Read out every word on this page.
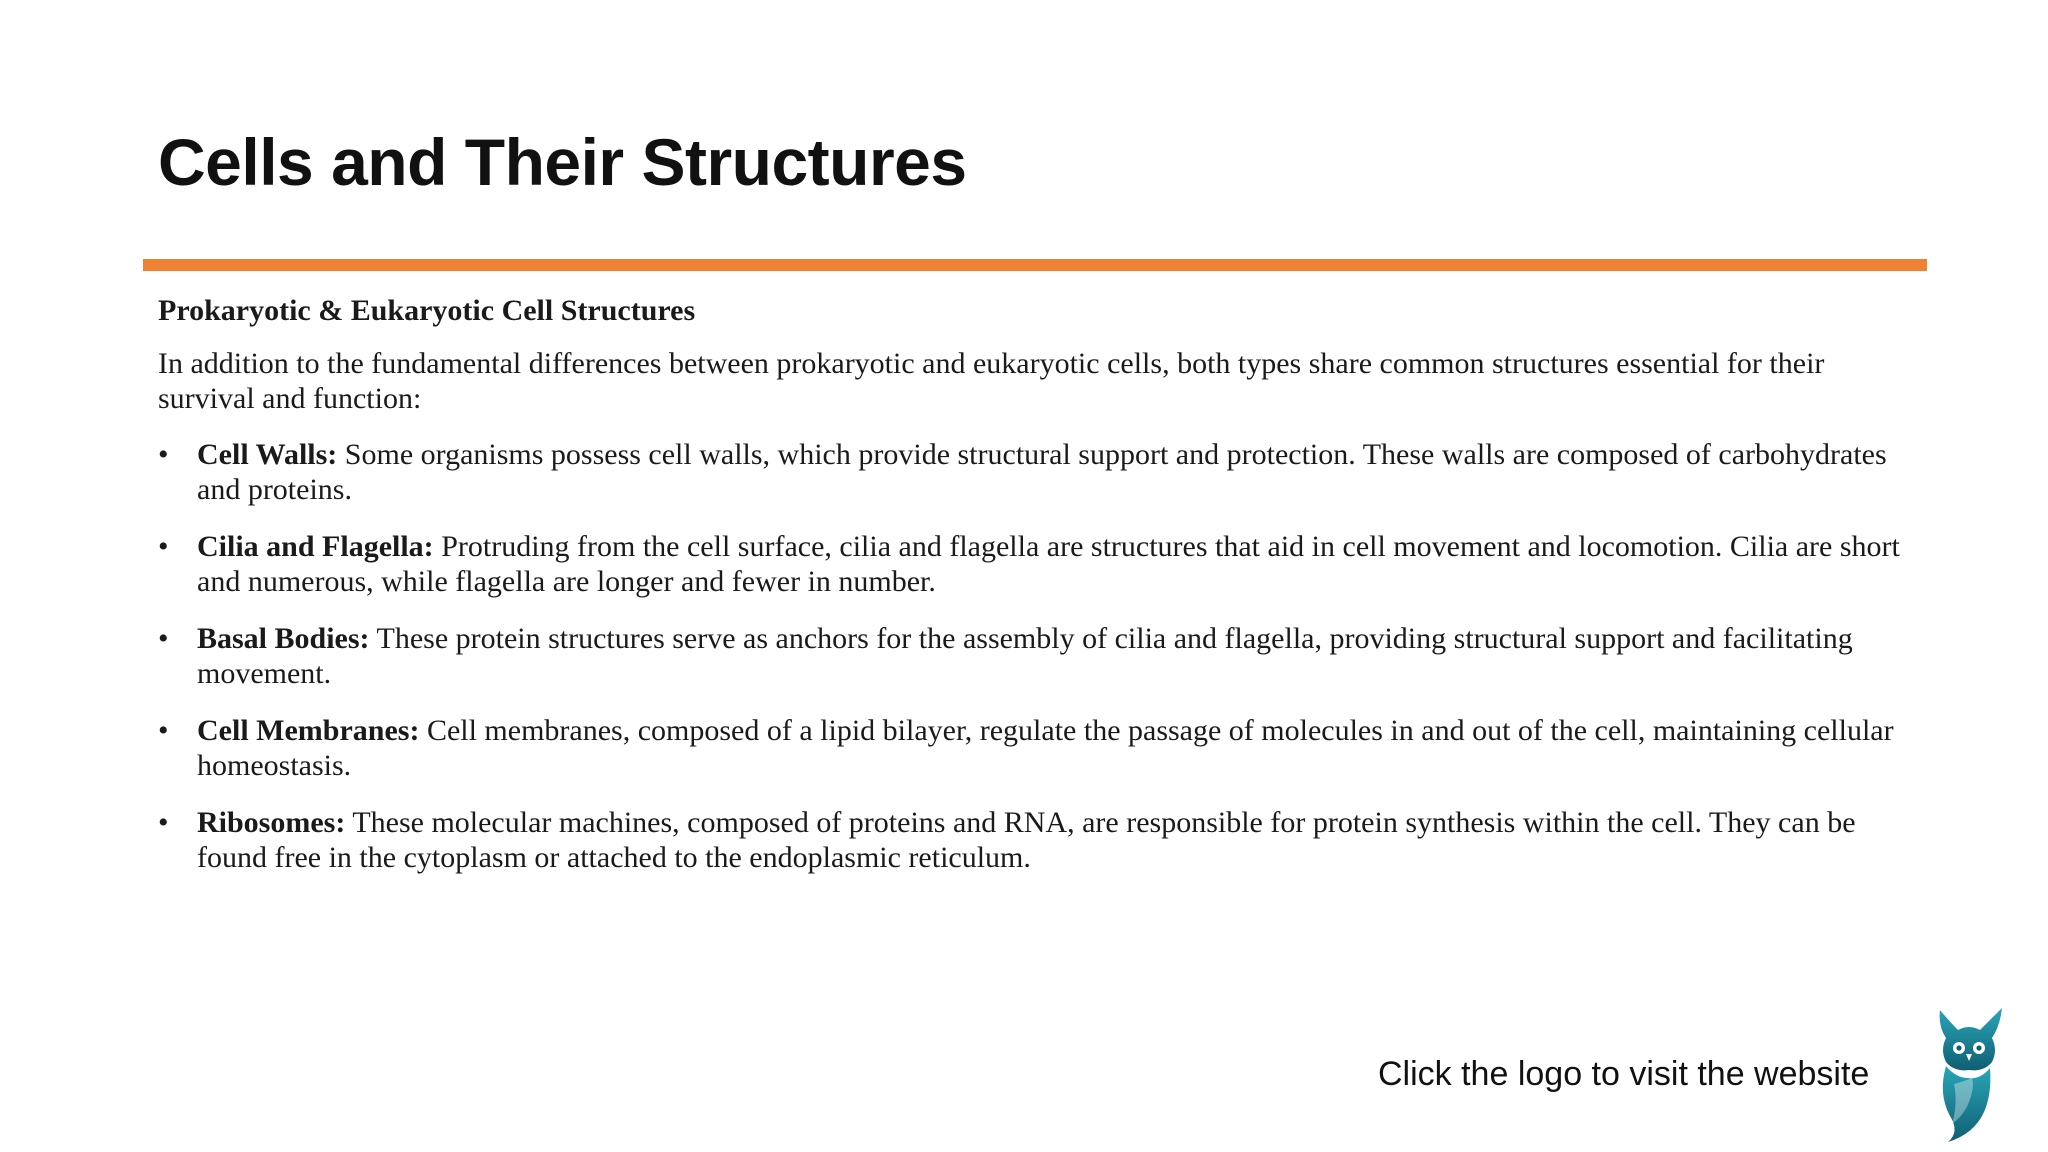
Cells and Their Structures

Prokaryotic & Eukaryotic Cell Structures

In addition to the fundamental differences between prokaryotic and eukaryotic cells, both types share common structures essential for their survival and function:

• Cell Walls: Some organisms possess cell walls, which provide structural support and protection. These walls are composed of carbohydrates and proteins.
• Cilia and Flagella: Protruding from the cell surface, cilia and flagella are structures that aid in cell movement and locomotion. Cilia are short and numerous, while flagella are longer and fewer in number.
• Basal Bodies: These protein structures serve as anchors for the assembly of cilia and flagella, providing structural support and facilitating movement.
• Cell Membranes: Cell membranes, composed of a lipid bilayer, regulate the passage of molecules in and out of the cell, maintaining cellular homeostasis.
• Ribosomes: These molecular machines, composed of proteins and RNA, are responsible for protein synthesis within the cell. They can be found free in the cytoplasm or attached to the endoplasmic reticulum.
Click the logo to visit the website
